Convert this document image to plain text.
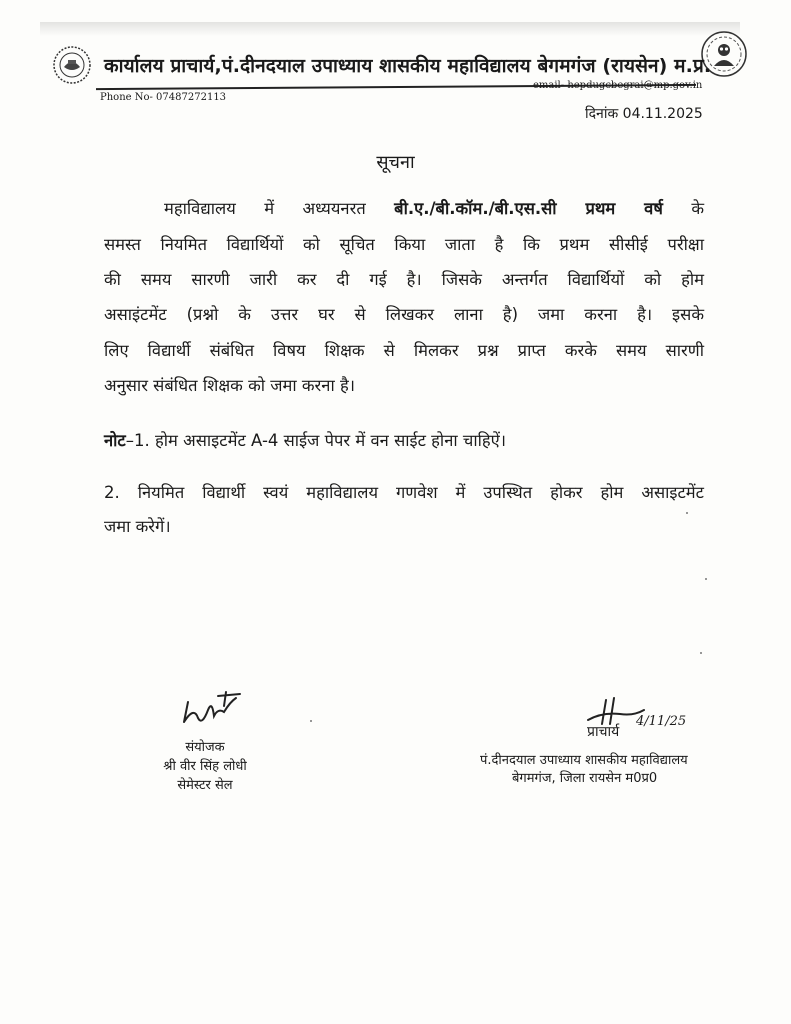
कार्यालय प्राचार्य,पं.दीनदयाल उपाध्याय शासकीय महाविद्यालय बेगमगंज (रायसेन) म.प्र.
email- hepdugcbegrai@mp.gov.in
Phone No- 07487272113
दिनांक 04.11.2025
सूचना
महाविद्यालय में अध्ययनरत बी.ए./बी.कॉम./बी.एस.सी प्रथम वर्ष के
समस्त नियमित विद्यार्थियों को सूचित किया जाता है कि प्रथम सीसीई परीक्षा
की समय सारणी जारी कर दी गई है। जिसके अन्तर्गत विद्यार्थियों को होम
असाइंटमेंट (प्रश्नो के उत्तर घर से लिखकर लाना है) जमा करना है। इसके
लिए विद्यार्थी संबंधित विषय शिक्षक से मिलकर प्रश्न प्राप्त करके समय सारणी
अनुसार संबंधित शिक्षक को जमा करना है।
नोट–1. होम असाइटमेंट A-4 साईज पेपर में वन साईट होना चाहिऐं।
2. नियमित विद्यार्थी स्वयं महाविद्यालय गणवेश में उपस्थित होकर होम असाइटमेंट
जमा करेगें।
संयोजक
श्री वीर सिंह लोधी
सेमेस्टर सेल
प्राचार्य
4/11/25
पं.दीनदयाल उपाध्याय शासकीय महाविद्यालय
बेगमगंज, जिला रायसेन म0प्र0
